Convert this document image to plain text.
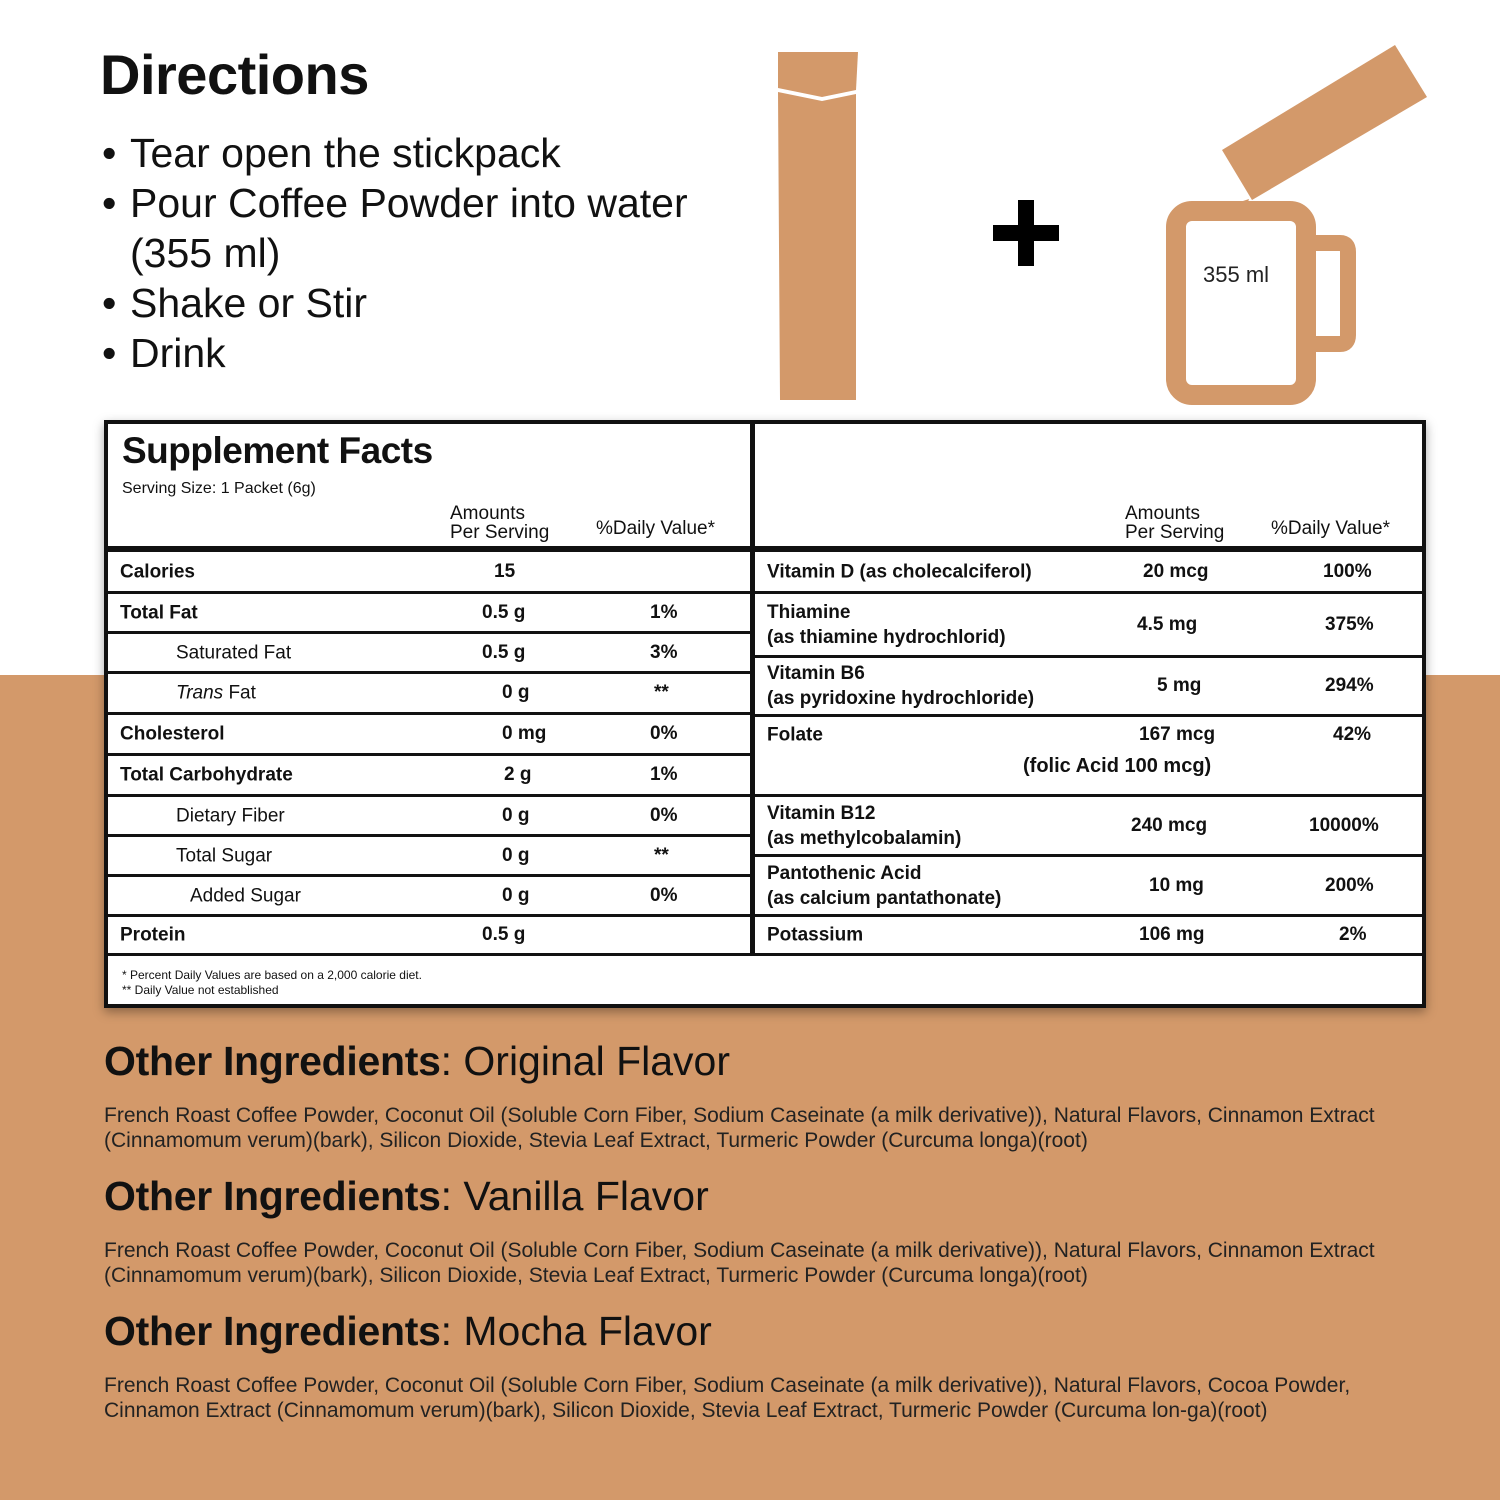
Directions
• Tear open the stickpack
• Pour Coffee Powder into water (355 ml)
• Shake or Stir
• Drink
355 ml
Supplement Facts
Serving Size: 1 Packet (6g)
Amounts
Per Serving %Daily Value*
Amounts
Per Serving %Daily Value*
Calories	15
Total Fat	0.5 g	1%
Saturated Fat	0.5 g	3%
Trans Fat	0 g	**
Cholesterol	0 mg	0%
Total Carbohydrate	2 g	1%
Dietary Fiber	0 g	0%
Total Sugar	0 g	**
Added Sugar	0 g	0%
Protein	0.5 g
Vitamin D (as cholecalciferol)	20 mcg	100%
Thiamine
(as thiamine hydrochlorid)
4.5 mg	375%
Vitamin B6
(as pyridoxine hydrochloride)
5 mg	294%
Folate	167 mcg	42%
(folic Acid 100 mcg)
Vitamin B12
(as methylcobalamin)
240 mcg	10000%
Pantothenic Acid
(as calcium pantathonate)
10 mg	200%
Potassium	106 mg	2%
* Percent Daily Values are based on a 2,000 calorie diet.
** Daily Value not established
Other Ingredients: Original Flavor
French Roast Coffee Powder, Coconut Oil (Soluble Corn Fiber, Sodium Caseinate (a milk derivative)), Natural Flavors, Cinnamon Extract (Cinnamomum verum)(bark), Silicon Dioxide, Stevia Leaf Extract, Turmeric Powder (Curcuma longa)(root)
Other Ingredients: Vanilla Flavor
French Roast Coffee Powder, Coconut Oil (Soluble Corn Fiber, Sodium Caseinate (a milk derivative)), Natural Flavors, Cinnamon Extract (Cinnamomum verum)(bark), Silicon Dioxide, Stevia Leaf Extract, Turmeric Powder (Curcuma longa)(root)
Other Ingredients: Mocha Flavor
French Roast Coffee Powder, Coconut Oil (Soluble Corn Fiber, Sodium Caseinate (a milk derivative)), Natural Flavors, Cocoa Powder, Cinnamon Extract (Cinnamomum verum)(bark), Silicon Dioxide, Stevia Leaf Extract, Turmeric Powder (Curcuma lon-ga)(root)
